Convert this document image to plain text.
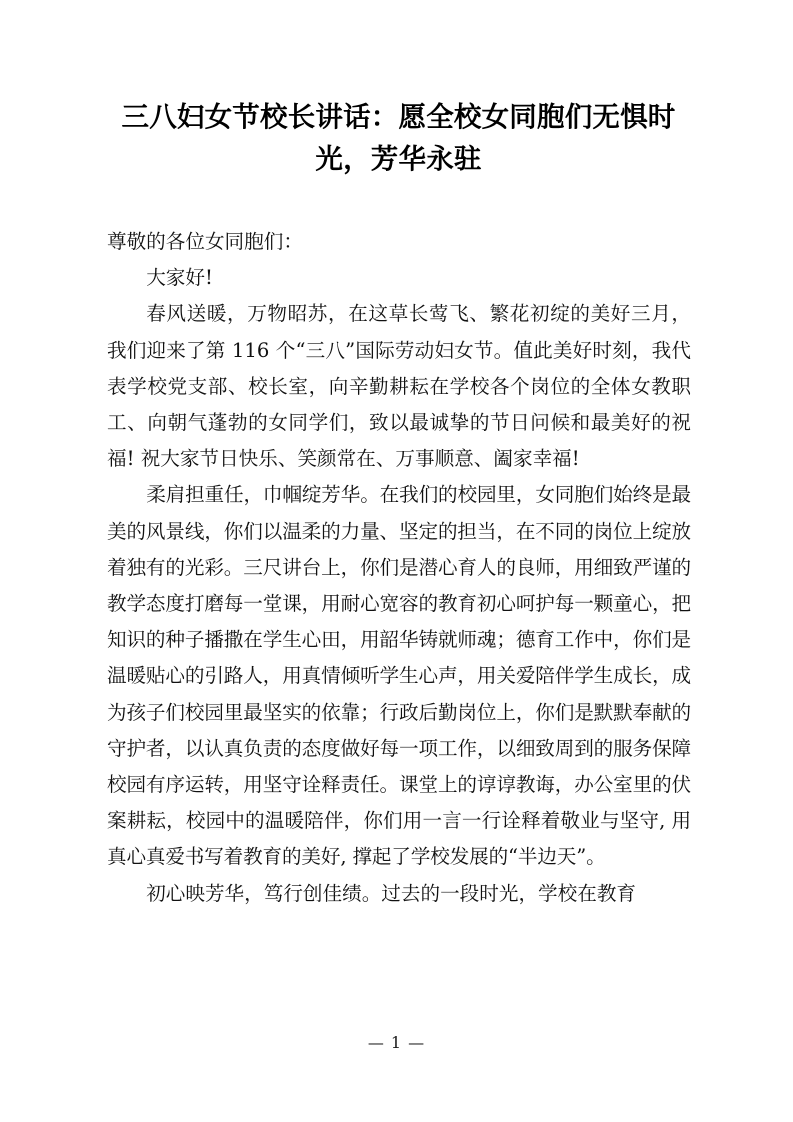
三八妇女节校长讲话：愿全校女同胞们无惧时光，芳华永驻

尊敬的各位女同胞们：

大家好!

春风送暖，万物昭苏，在这草长莺飞、繁花初绽的美好三月，我们迎来了第 116 个“三八”国际劳动妇女节。值此美好时刻，我代表学校党支部、校长室，向辛勤耕耘在学校各个岗位的全体女教职工、向朝气蓬勃的女同学们，致以最诚挚的节日问候和最美好的祝福! 祝大家节日快乐、笑颜常在、万事顺意、阖家幸福!

柔肩担重任，巾帼绽芳华。在我们的校园里，女同胞们始终是最美的风景线，你们以温柔的力量、坚定的担当，在不同的岗位上绽放着独有的光彩。三尺讲台上，你们是潜心育人的良师，用细致严谨的教学态度打磨每一堂课，用耐心宽容的教育初心呵护每一颗童心，把知识的种子播撒在学生心田，用韶华铸就师魂；德育工作中，你们是温暖贴心的引路人，用真情倾听学生心声，用关爱陪伴学生成长，成为孩子们校园里最坚实的依靠；行政后勤岗位上，你们是默默奉献的守护者，以认真负责的态度做好每一项工作，以细致周到的服务保障校园有序运转，用坚守诠释责任。课堂上的谆谆教诲，办公室里的伏案耕耘，校园中的温暖陪伴，你们用一言一行诠释着敬业与坚守, 用真心真爱书写着教育的美好, 撑起了学校发展的“半边天”。

初心映芳华，笃行创佳绩。过去的一段时光，学校在教育

— 1 —
